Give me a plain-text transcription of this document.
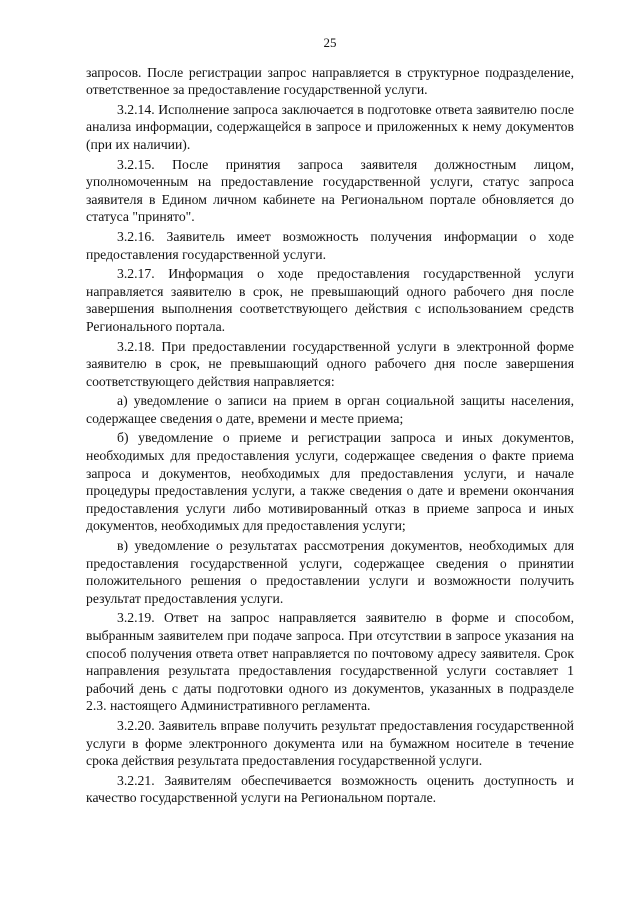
25

запросов. После регистрации запрос направляется в структурное подразделение, ответственное за предоставление государственной услуги.

3.2.14. Исполнение запроса заключается в подготовке ответа заявителю после анализа информации, содержащейся в запросе и приложенных к нему документов (при их наличии).

3.2.15. После принятия запроса заявителя должностным лицом, уполномоченным на предоставление государственной услуги, статус запроса заявителя в Едином личном кабинете на Региональном портале обновляется до статуса "принято".

3.2.16. Заявитель имеет возможность получения информации о ходе предоставления государственной услуги.

3.2.17. Информация о ходе предоставления государственной услуги направляется заявителю в срок, не превышающий одного рабочего дня после завершения выполнения соответствующего действия с использованием средств Регионального портала.

3.2.18. При предоставлении государственной услуги в электронной форме заявителю в срок, не превышающий одного рабочего дня после завершения соответствующего действия направляется:

а) уведомление о записи на прием в орган социальной защиты населения, содержащее сведения о дате, времени и месте приема;

б) уведомление о приеме и регистрации запроса и иных документов, необходимых для предоставления услуги, содержащее сведения о факте приема запроса и документов, необходимых для предоставления услуги, и начале процедуры предоставления услуги, а также сведения о дате и времени окончания предоставления услуги либо мотивированный отказ в приеме запроса и иных документов, необходимых для предоставления услуги;

в) уведомление о результатах рассмотрения документов, необходимых для предоставления государственной услуги, содержащее сведения о принятии положительного решения о предоставлении услуги и возможности получить результат предоставления услуги.

3.2.19. Ответ на запрос направляется заявителю в форме и способом, выбранным заявителем при подаче запроса. При отсутствии в запросе указания на способ получения ответа ответ направляется по почтовому адресу заявителя. Срок направления результата предоставления государственной услуги составляет 1 рабочий день с даты подготовки одного из документов, указанных в подразделе 2.3. настоящего Административного регламента.

3.2.20. Заявитель вправе получить результат предоставления государственной услуги в форме электронного документа или на бумажном носителе в течение срока действия результата предоставления государственной услуги.

3.2.21. Заявителям обеспечивается возможность оценить доступность и качество государственной услуги на Региональном портале.
